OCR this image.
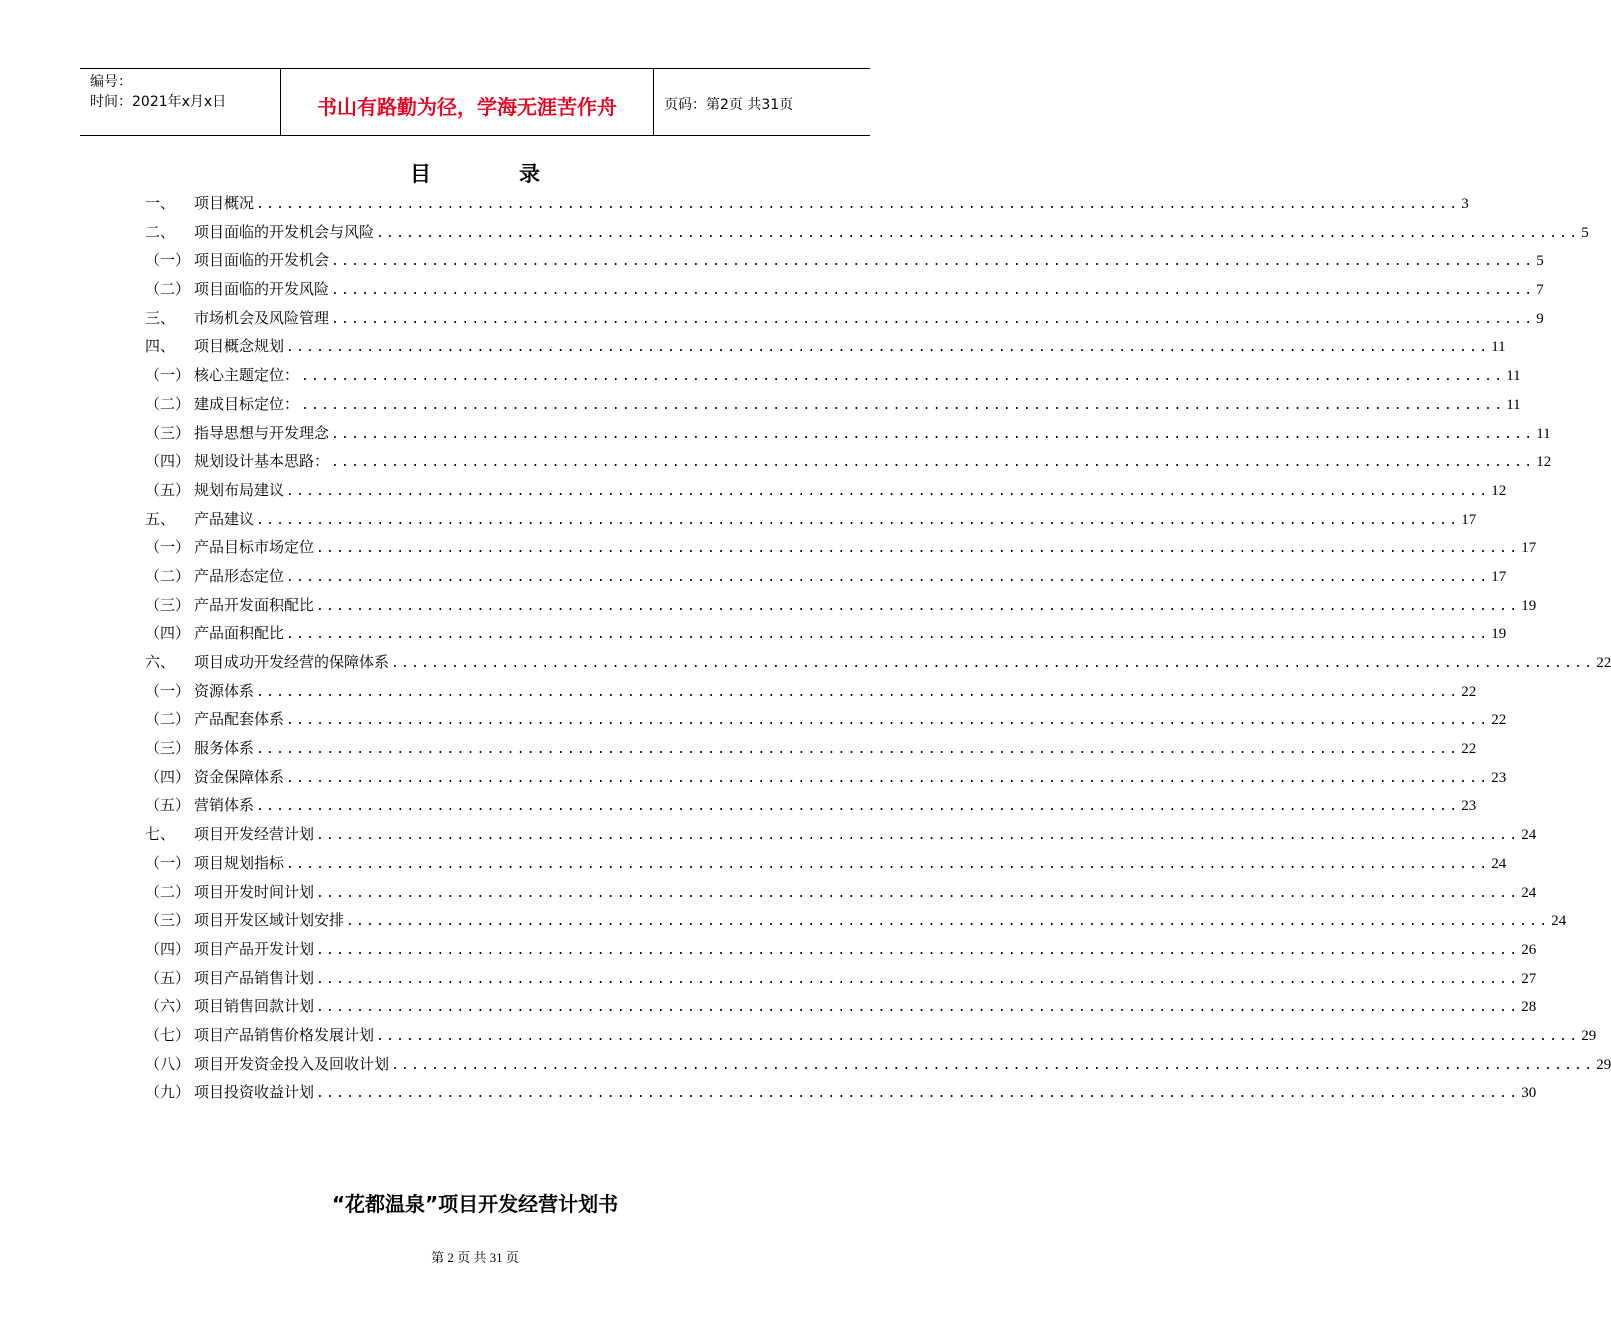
编号：
时间：2021年x月x日	书山有路勤为径，学海无涯苦作舟	页码：第2页 共31页
目	录
一、	项目概况 ........................................................................................................................ 3
二、	项目面临的开发机会与风险 ........................................................................................................................ 5
（一） 项目面临的开发机会 ........................................................................................................................ 5
（二） 项目面临的开发风险 ........................................................................................................................ 7
三、	市场机会及风险管理 ........................................................................................................................ 9
四、	项目概念规划 ........................................................................................................................ 11
（一） 核心主题定位： ........................................................................................................................ 11
（二） 建成目标定位： ........................................................................................................................ 11
（三） 指导思想与开发理念 ........................................................................................................................ 11
（四） 规划设计基本思路： ........................................................................................................................ 12
（五） 规划布局建议 ........................................................................................................................ 12
五、	产品建议 ........................................................................................................................ 17
（一） 产品目标市场定位 ........................................................................................................................ 17
（二） 产品形态定位 ........................................................................................................................ 17
（三） 产品开发面积配比 ........................................................................................................................ 19
（四） 产品面积配比 ........................................................................................................................ 19
六、	项目成功开发经营的保障体系 ........................................................................................................................ 22
（一） 资源体系 ........................................................................................................................ 22
（二） 产品配套体系 ........................................................................................................................ 22
（三） 服务体系 ........................................................................................................................ 22
（四） 资金保障体系 ........................................................................................................................ 23
（五） 营销体系 ........................................................................................................................ 23
七、	项目开发经营计划 ........................................................................................................................ 24
（一） 项目规划指标 ........................................................................................................................ 24
（二） 项目开发时间计划 ........................................................................................................................ 24
（三） 项目开发区域计划安排 ........................................................................................................................ 24
（四） 项目产品开发计划 ........................................................................................................................ 26
（五） 项目产品销售计划 ........................................................................................................................ 27
（六） 项目销售回款计划 ........................................................................................................................ 28
（七） 项目产品销售价格发展计划 ........................................................................................................................ 29
（八） 项目开发资金投入及回收计划 ........................................................................................................................ 29
（九） 项目投资收益计划 ........................................................................................................................ 30
“花都温泉”项目开发经营计划书
第 2 页 共 31 页
